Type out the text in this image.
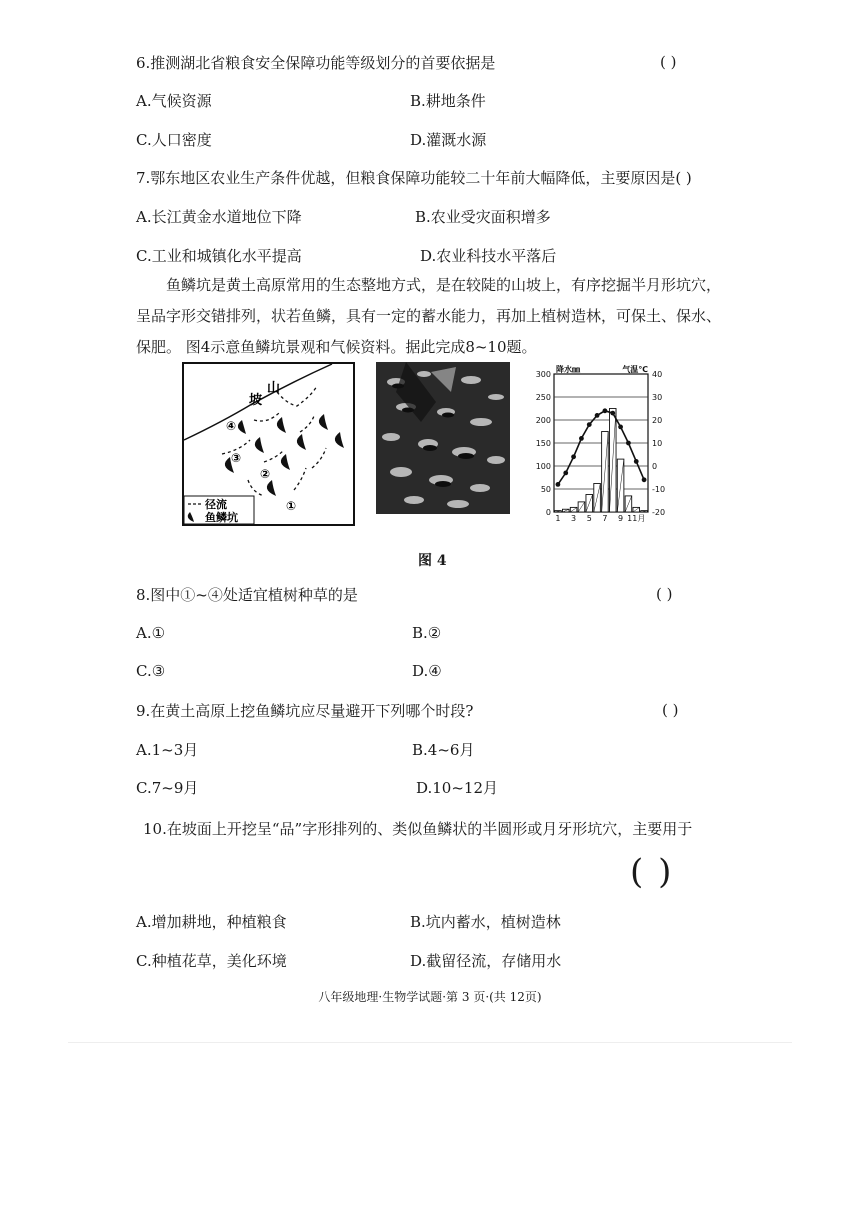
6.推测湖北省粮食安全保障功能等级划分的首要依据是	( )
A.气候资源	B.耕地条件
C.人口密度	D.灌溉水源
7.鄂东地区农业生产条件优越，但粮食保障功能较二十年前大幅降低，主要原因是( )
A.长江黄金水道地位下降	B.农业受灾面积增多
C.工业和城镇化水平提高	D.农业科技水平落后
鱼鳞坑是黄土高原常用的生态整地方式，是在较陡的山坡上，有序挖掘半月形坑穴，呈品字形交错排列，状若鱼鳞，具有一定的蓄水能力，再加上植树造林，可保土、保水、保肥。 图4示意鱼鳞坑景观和气候资料。据此完成8~10题。
坡
山
④
③
②
①
径流
鱼鳞坑
300
250
200
150
100
50
0
40
30
20
10
0
-10
-20
1 3 5 7 9 11月
降水㎜	气温℃
图 4
8.图中①~④处适宜植树种草的是	( )
A.①	B.②
C.③	D.④
9.在黄土高原上挖鱼鳞坑应尽量避开下列哪个时段?	( )
A.1~3月	B.4~6月
C.7~9月	D.10~12月
10.在坡面上开挖呈“品”字形排列的、类似鱼鳞状的半圆形或月牙形坑穴，主要用于
( )
A.增加耕地，种植粮食	B.坑内蓄水，植树造林
C.种植花草，美化环境	D.截留径流，存储用水
八年级地理·生物学试题·第 3 页·(共 12页)
